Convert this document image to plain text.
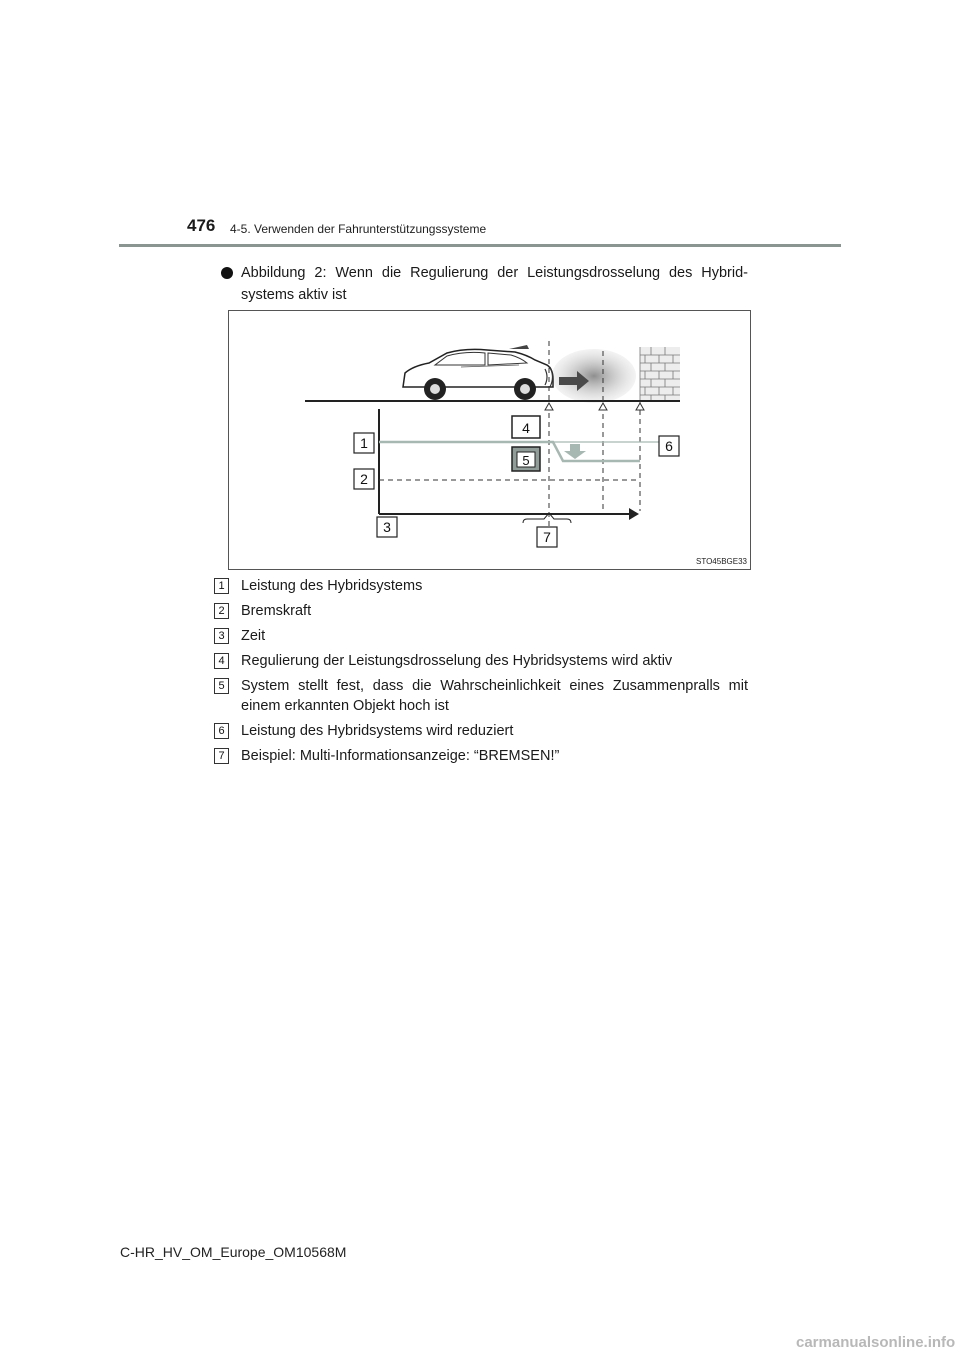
476 4-5. Verwenden der Fahrunterstützungssysteme
Abbildung 2: Wenn die Regulierung der Leistungsdrosselung des Hybrid-systems aktiv ist
4
5
1
2
3
6
7
STO45BGE33
1	Leistung des Hybridsystems
2	Bremskraft
3	Zeit
4	Regulierung der Leistungsdrosselung des Hybridsystems wird aktiv
5	System stellt fest, dass die Wahrscheinlichkeit eines Zusammenpralls mit einem erkannten Objekt hoch ist
6	Leistung des Hybridsystems wird reduziert
7	Beispiel: Multi-Informationsanzeige: “BREMSEN!”
C-HR_HV_OM_Europe_OM10568M
carmanualsonline.info
